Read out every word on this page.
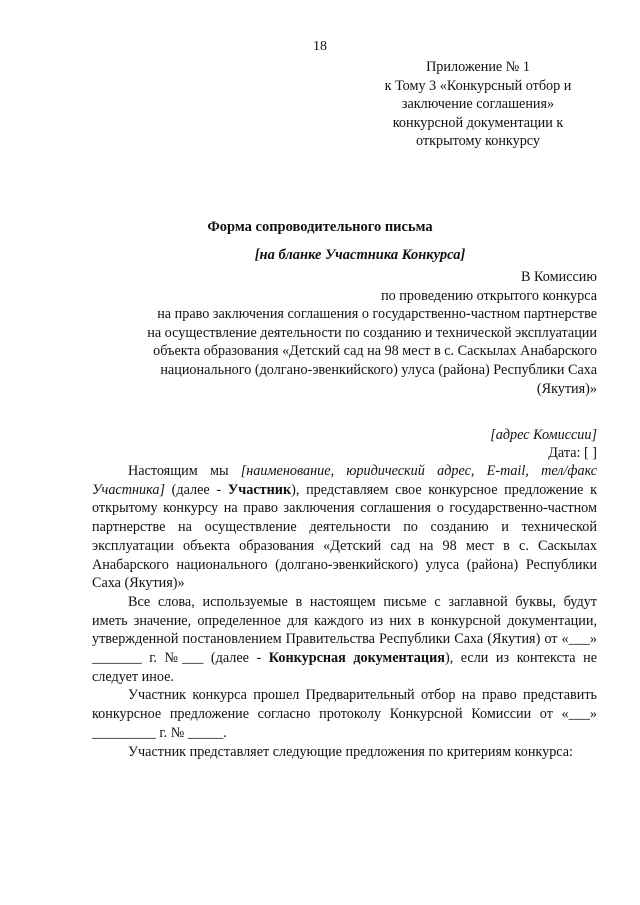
18
Приложение № 1
к Тому 3 «Конкурсный отбор и
заключение соглашения»
конкурсной документации к
открытому конкурсу
Форма сопроводительного письма
[на бланке Участника Конкурса]
В Комиссию
по проведению открытого конкурса
на право заключения соглашения о государственно-частном партнерстве
на осуществление деятельности по созданию и технической эксплуатации
объекта образования «Детский сад на 98 мест в с. Саскылах Анабарского
национального (долгано-эвенкийского) улуса (района) Республики Саха
(Якутия)»
[адрес Комиссии]
Дата: [ ]

Настоящим мы [наименование, юридический адрес, E-mail, тел/факс Участника] (далее - Участник), представляем свое конкурсное предложение к открытому конкурсу на право заключения соглашения о государственно-частном партнерстве на осуществление деятельности по созданию и технической эксплуатации объекта образования «Детский сад на 98 мест в с. Саскылах Анабарского национального (долгано-эвенкийского) улуса (района) Республики Саха (Якутия)»

Все слова, используемые в настоящем письме с заглавной буквы, будут иметь значение, определенное для каждого из них в конкурсной документации, утвержденной постановлением Правительства Республики Саха (Якутия) от «___» _______ г. №___ (далее - Конкурсная документация), если из контекста не следует иное.

Участник конкурса прошел Предварительный отбор на право представить конкурсное предложение согласно протоколу Конкурсной Комиссии от «___» _________ г. № _____.

Участник представляет следующие предложения по критериям конкурса:
